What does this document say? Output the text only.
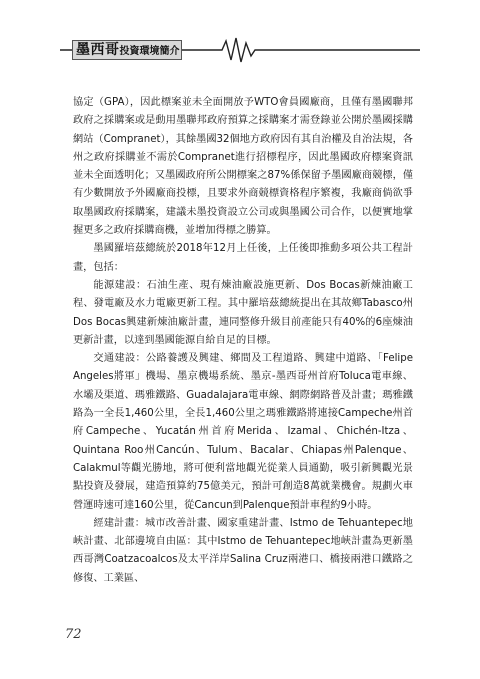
墨西哥投資環境簡介

協定（GPA），因此標案並未全面開放予WTO會員國廠商，且僅有墨國聯邦政府之採購案或是動用墨聯邦政府預算之採購案才需登錄並公開於墨國採購網站（Compranet），其餘墨國32個地方政府因有其自治權及自治法規，各州之政府採購並不需於Compranet進行招標程序，因此墨國政府標案資訊並未全面透明化；又墨國政府所公開標案之87%係保留予墨國廠商競標，僅有少數開放予外國廠商投標，且要求外商競標資格程序繁複，我廠商倘欲爭取墨國政府採購案，建議未墨投資設立公司或與墨國公司合作，以便實地掌握更多之政府採購商機，並增加得標之勝算。

墨國羅培茲總統於2018年12月上任後，上任後即推動多項公共工程計畫，包括：

能源建設：石油生產、現有煉油廠設施更新、Dos Bocas新煉油廠工程、發電廠及水力電廠更新工程。其中羅培茲總統提出在其故鄉Tabasco州Dos Bocas興建新煉油廠計畫，連同整修升級目前產能只有40%的6座煉油更新計畫，以達到墨國能源自給自足的目標。

交通建設：公路養護及興建、鄉間及工程道路、興建中道路、「Felipe Angeles將軍」機場、墨京機場系統、墨京-墨西哥州首府Toluca電車線、水壩及渠道、瑪雅鐵路、Guadalajara電車線、網際網路普及計畫；瑪雅鐵路為一全長1,460公里，全長1,460公里之瑪雅鐵路將連接Campeche州首府Campeche、Yucatán州首府Merida、Izamal、Chichén-Itza、Quintana Roo州Cancún、Tulum、Bacalar、Chiapas州Palenque、Calakmul等觀光勝地，將可便利當地觀光從業人員通勤，吸引新興觀光景點投資及發展，建造預算約75億美元，預計可創造8萬就業機會。規劃火車營運時速可達160公里，從Cancun到Palenque預計車程約9小時。

經建計畫：城市改善計畫、國家重建計畫、Istmo de Tehuantepec地峽計畫、北部邊境自由區：其中Istmo de Tehuantepec地峽計畫為更新墨西哥灣Coatzacoalcos及太平洋岸Salina Cruz兩港口、橋接兩港口鐵路之修復、工業區、

72
